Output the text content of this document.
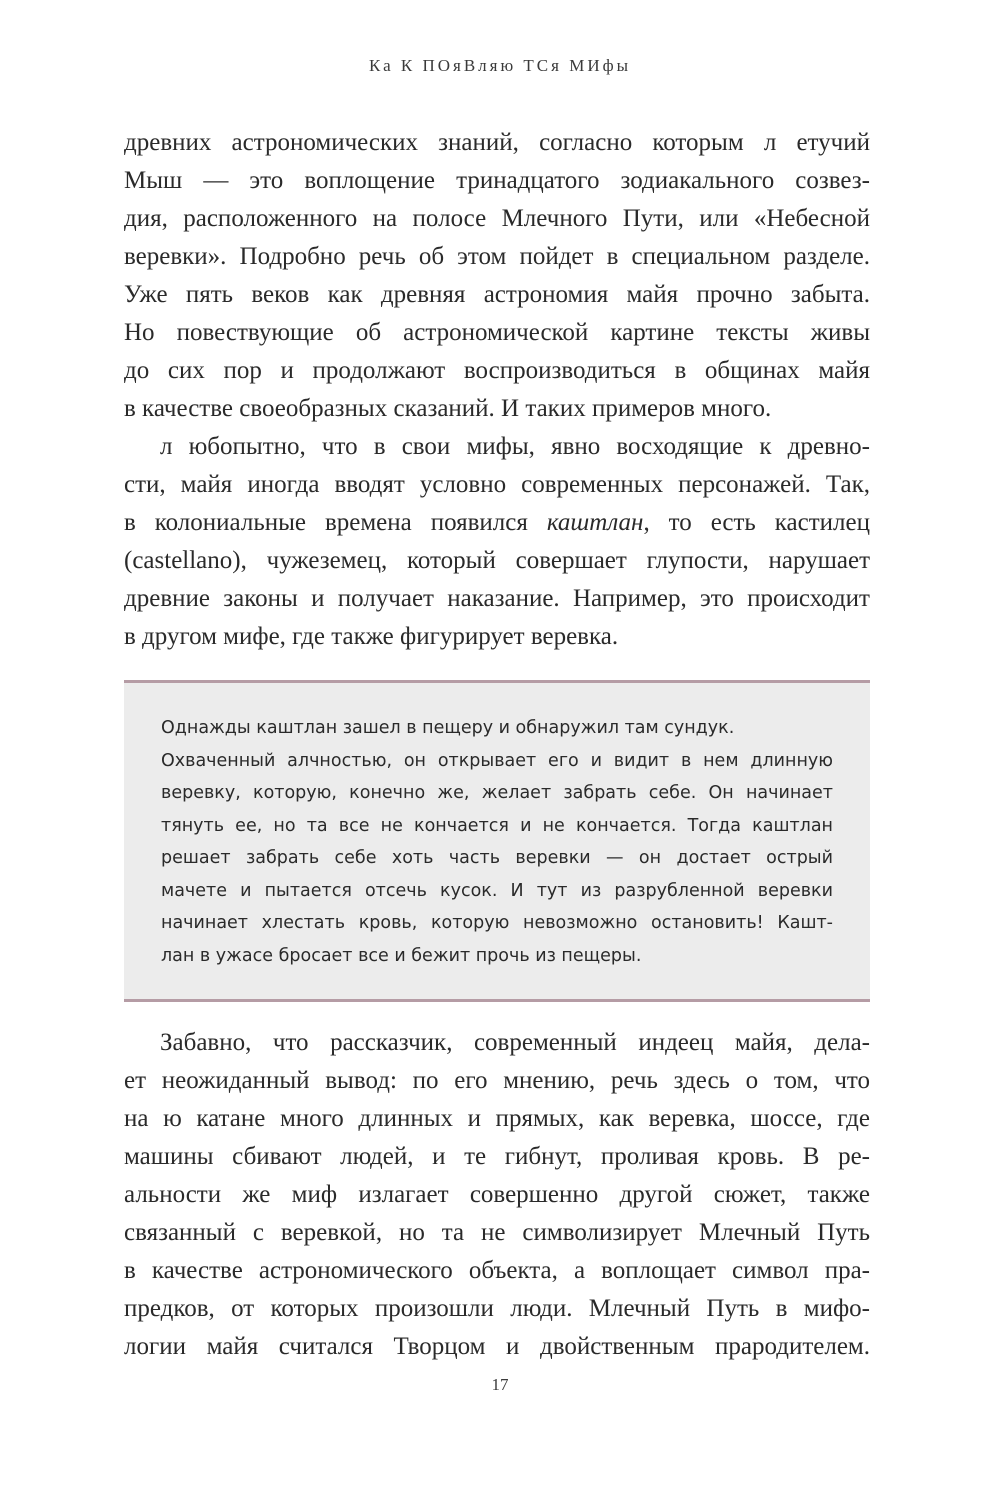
Ка К ПОяВляю ТСя МИфы
древних астрономических знаний, согласно которым л етучий
Мыш — это воплощение тринадцатого зодиакального созвез-
дия, расположенного на полосе Млечного Пути, или «Небесной
веревки». Подробно речь об этом пойдет в специальном разделе.
Уже пять веков как древняя астрономия майя прочно забыта.
Но повествующие об астрономической картине тексты живы
до сих пор и продолжают воспроизводиться в общинах майя
в качестве своеобразных сказаний. И таких примеров много.
л юбопытно, что в свои мифы, явно восходящие к древно-
сти, майя иногда вводят условно современных персонажей. Так,
в колониальные времена появился каштлан, то есть кастилец
(castellano), чужеземец, который совершает глупости, нарушает
древние законы и получает наказание. Например, это происходит
в другом мифе, где также фигурирует веревка.
Однажды каштлан зашел в пещеру и обнаружил там сундук.
Охваченный алчностью, он открывает его и видит в нем длинную
веревку, которую, конечно же, желает забрать себе. Он начинает
тянуть ее, но та все не кончается и не кончается. Тогда каштлан
решает забрать себе хоть часть веревки — он достает острый
мачете и пытается отсечь кусок. И тут из разрубленной веревки
начинает хлестать кровь, которую невозможно остановить! Кашт-
лан в ужасе бросает все и бежит прочь из пещеры.
Забавно, что рассказчик, современный индеец майя, дела-
ет неожиданный вывод: по его мнению, речь здесь о том, что
на ю катане много длинных и прямых, как веревка, шоссе, где
машины сбивают людей, и те гибнут, проливая кровь. В ре-
альности же миф излагает совершенно другой сюжет, также
связанный с веревкой, но та не символизирует Млечный Путь
в качестве астрономического объекта, а воплощает символ пра-
предков, от которых произошли люди. Млечный Путь в мифо-
логии майя считался Творцом и двойственным прародителем.
17
